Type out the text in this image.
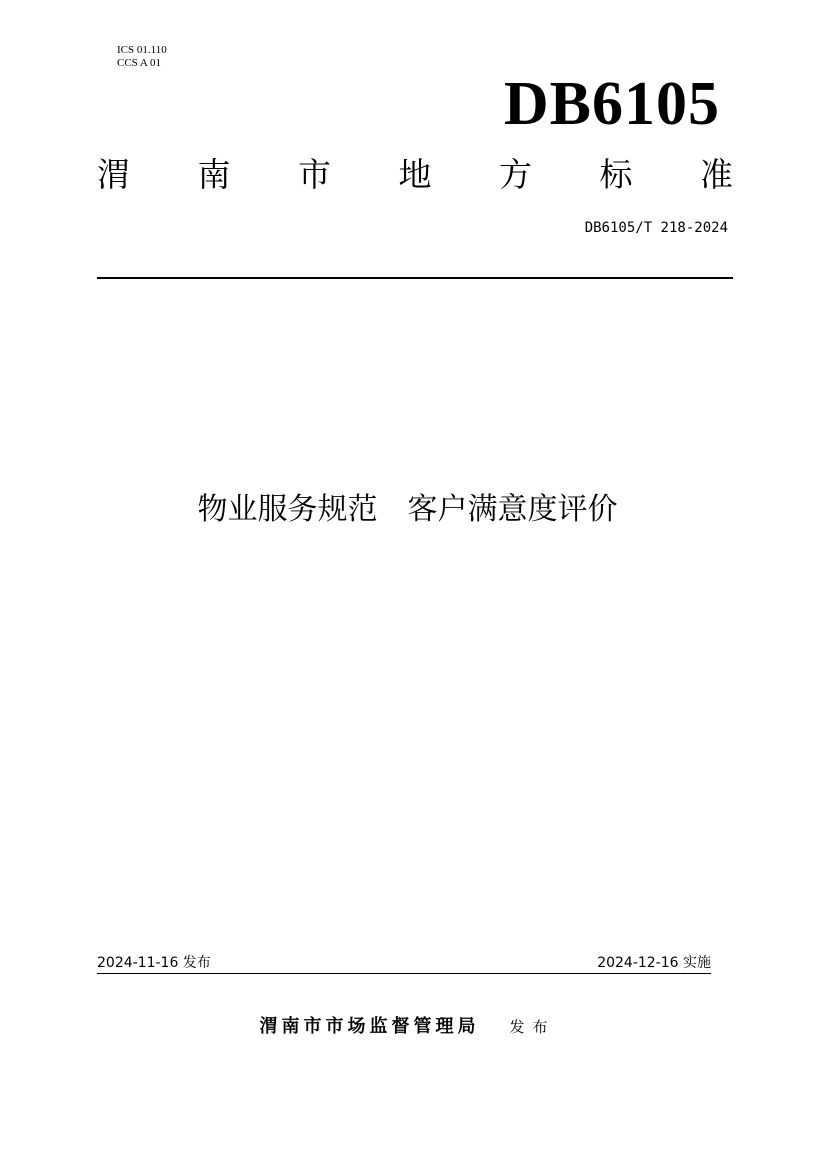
ICS 01.110
CCS A 01
DB6105
渭 南 市 地 方 标 准
DB6105/T 218-2024
物业服务规范　客户满意度评价
2024-11-16 发布	2024-12-16 实施
渭南市市场监督管理局 发布
